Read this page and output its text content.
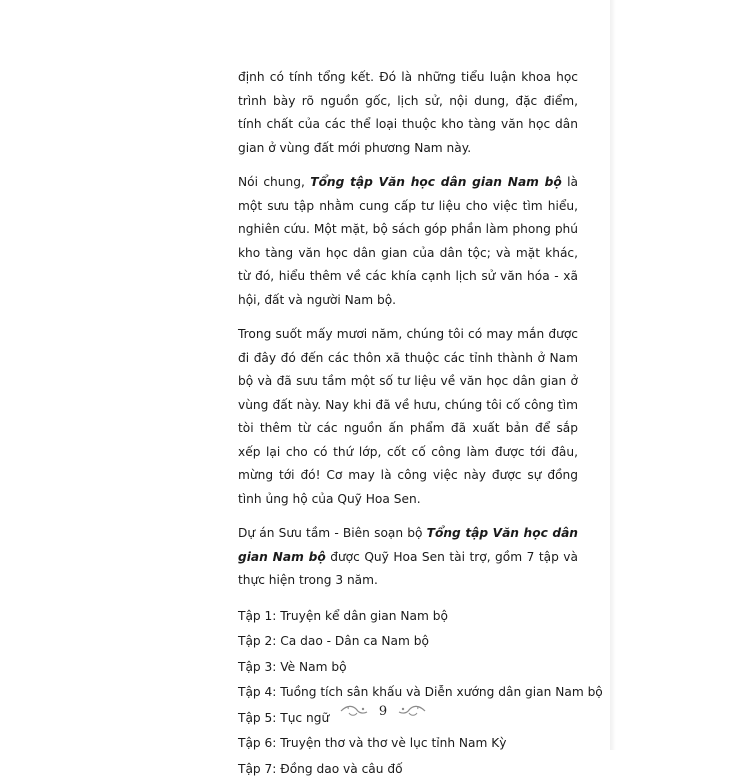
định có tính tổng kết. Đó là những tiểu luận khoa học trình bày rõ nguồn gốc, lịch sử, nội dung, đặc điểm, tính chất của các thể loại thuộc kho tàng văn học dân gian ở vùng đất mới phương Nam này.

Nói chung, Tổng tập Văn học dân gian Nam bộ là một sưu tập nhằm cung cấp tư liệu cho việc tìm hiểu, nghiên cứu. Một mặt, bộ sách góp phần làm phong phú kho tàng văn học dân gian của dân tộc; và mặt khác, từ đó, hiểu thêm về các khía cạnh lịch sử văn hóa - xã hội, đất và người Nam bộ.

Trong suốt mấy mươi năm, chúng tôi có may mắn được đi đây đó đến các thôn xã thuộc các tỉnh thành ở Nam bộ và đã sưu tầm một số tư liệu về văn học dân gian ở vùng đất này. Nay khi đã về hưu, chúng tôi cố công tìm tòi thêm từ các nguồn ấn phẩm đã xuất bản để sắp xếp lại cho có thứ lớp, cốt cố công làm được tới đâu, mừng tới đó! Cơ may là công việc này được sự đồng tình ủng hộ của Quỹ Hoa Sen.

Dự án Sưu tầm - Biên soạn bộ Tổng tập Văn học dân gian Nam bộ được Quỹ Hoa Sen tài trợ, gồm 7 tập và thực hiện trong 3 năm.

Tập 1: Truyện kể dân gian Nam bộ
Tập 2: Ca dao - Dân ca Nam bộ
Tập 3: Vè Nam bộ
Tập 4: Tuồng tích sân khấu và Diễn xướng dân gian Nam bộ
Tập 5: Tục ngữ
Tập 6: Truyện thơ và thơ vè lục tỉnh Nam Kỳ
Tập 7: Đồng dao và câu đố
9
